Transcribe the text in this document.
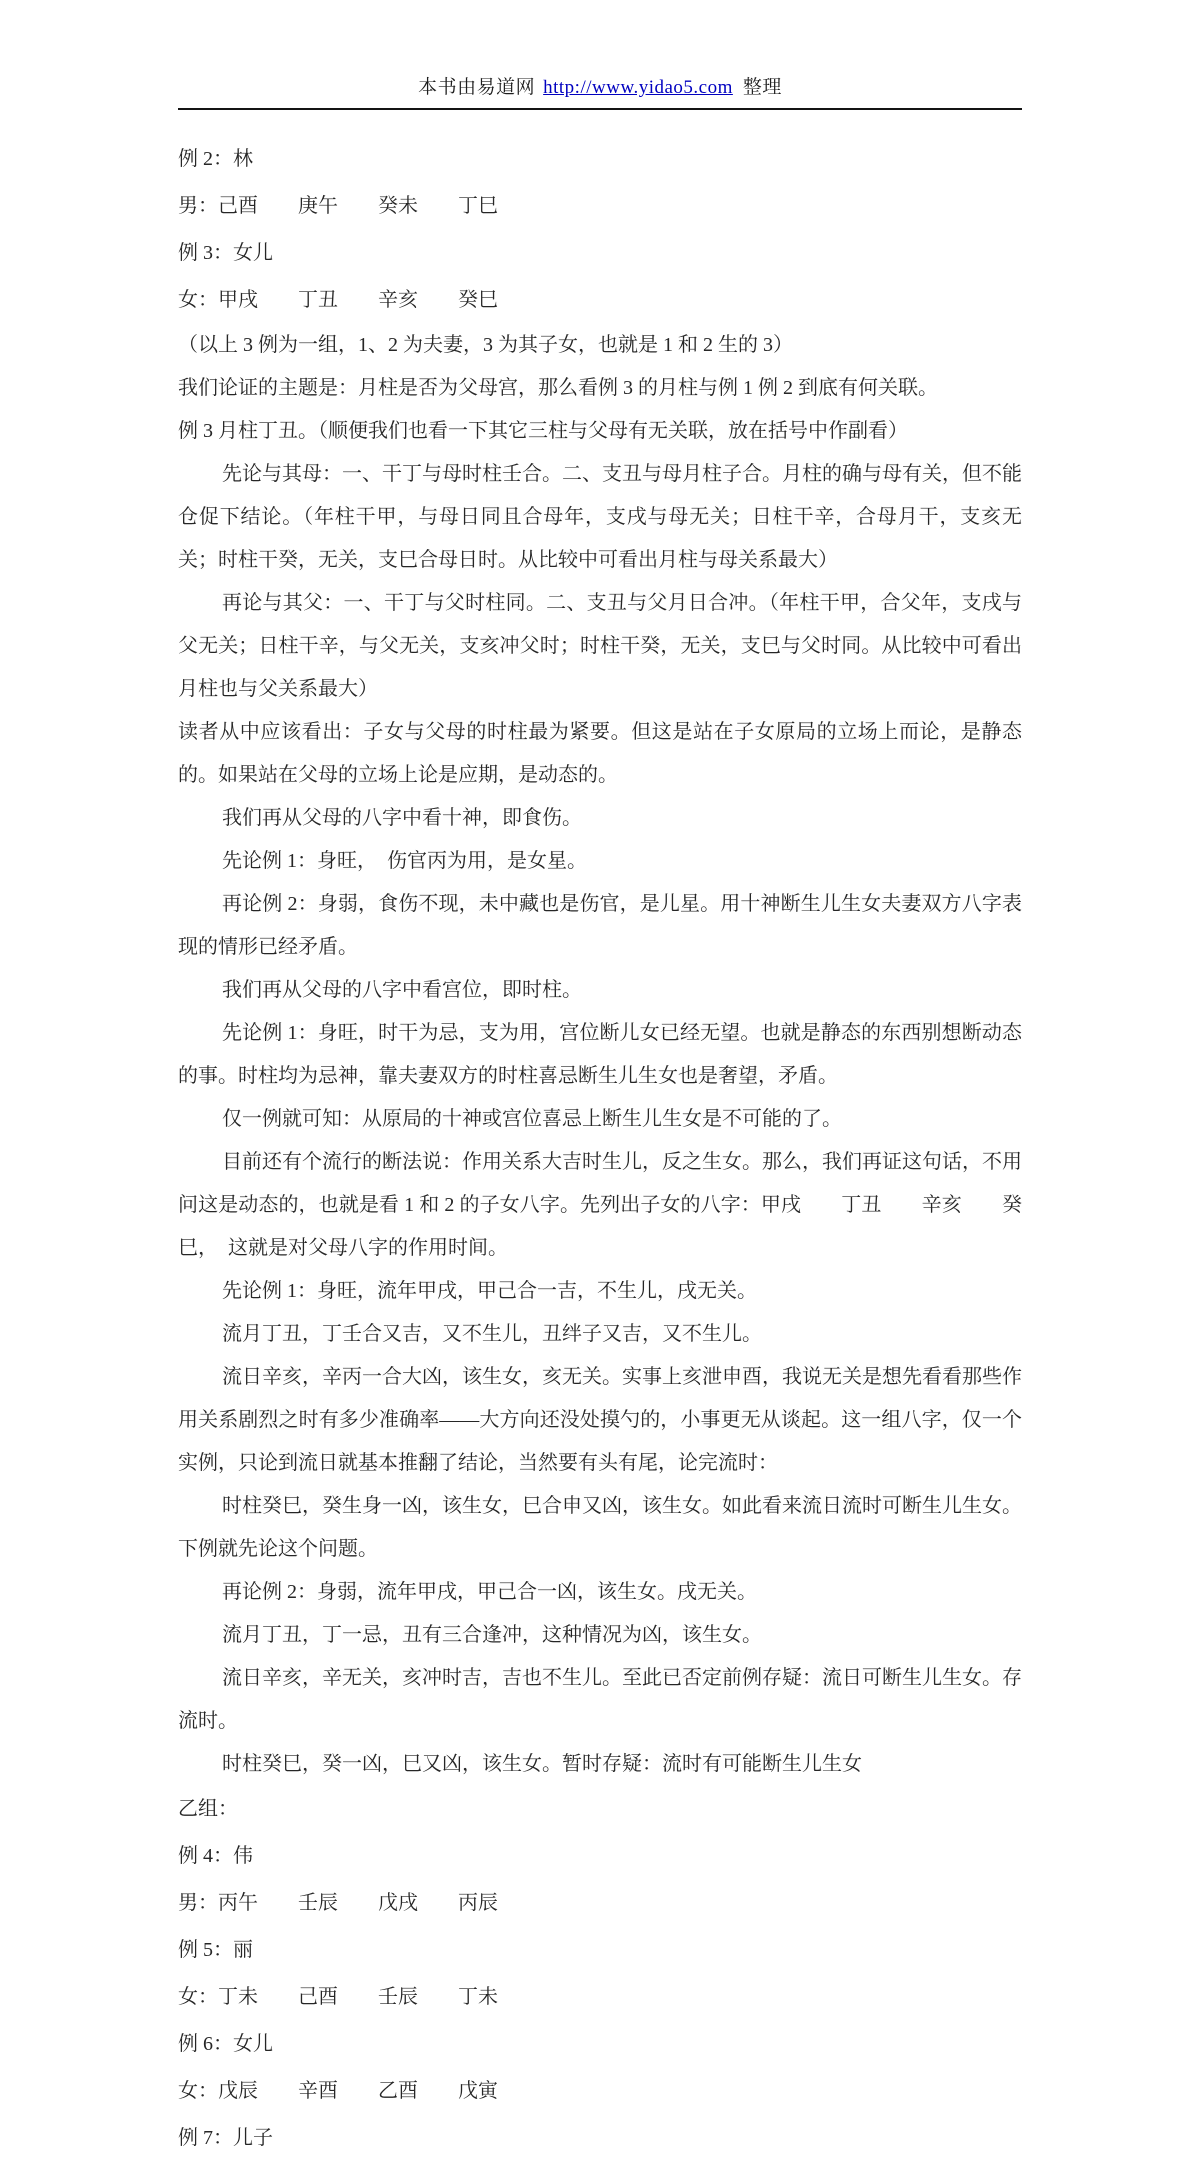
本书由易道网 http://www.yidao5.com 整理

例 2：林

男：己酉　　庚午　　癸未　　丁巳

例 3：女儿

女：甲戌　　丁丑　　辛亥　　癸巳

（以上 3 例为一组，1、2 为夫妻，3 为其子女，也就是 1 和 2 生的 3）

我们论证的主题是：月柱是否为父母宫，那么看例 3 的月柱与例 1 例 2 到底有何关联。

例 3 月柱丁丑。（顺便我们也看一下其它三柱与父母有无关联，放在括号中作副看）

先论与其母：一、干丁与母时柱壬合。二、支丑与母月柱子合。月柱的确与母有关，但不能仓促下结论。（年柱干甲，与母日同且合母年，支戌与母无关；日柱干辛，合母月干，支亥无关；时柱干癸，无关，支巳合母日时。从比较中可看出月柱与母关系最大）

再论与其父：一、干丁与父时柱同。二、支丑与父月日合冲。（年柱干甲，合父年，支戌与父无关；日柱干辛，与父无关，支亥冲父时；时柱干癸，无关，支巳与父时同。从比较中可看出月柱也与父关系最大）

读者从中应该看出：子女与父母的时柱最为紧要。但这是站在子女原局的立场上而论，是静态的。如果站在父母的立场上论是应期，是动态的。

我们再从父母的八字中看十神，即食伤。

先论例 1：身旺，　伤官丙为用，是女星。

再论例 2：身弱，食伤不现，未中藏也是伤官，是儿星。用十神断生儿生女夫妻双方八字表现的情形已经矛盾。

我们再从父母的八字中看宫位，即时柱。

先论例 1：身旺，时干为忌，支为用，宫位断儿女已经无望。也就是静态的东西别想断动态的事。时柱均为忌神，靠夫妻双方的时柱喜忌断生儿生女也是奢望，矛盾。

仅一例就可知：从原局的十神或宫位喜忌上断生儿生女是不可能的了。

目前还有个流行的断法说：作用关系大吉时生儿，反之生女。那么，我们再证这句话，不用问这是动态的，也就是看 1 和 2 的子女八字。先列出子女的八字：甲戌　　丁丑　　辛亥　　癸巳，　这就是对父母八字的作用时间。

先论例 1：身旺，流年甲戌，甲己合一吉，不生儿，戌无关。

流月丁丑，丁壬合又吉，又不生儿，丑绊子又吉，又不生儿。

流日辛亥，辛丙一合大凶，该生女，亥无关。实事上亥泄申酉，我说无关是想先看看那些作用关系剧烈之时有多少准确率——大方向还没处摸勺的，小事更无从谈起。这一组八字，仅一个实例，只论到流日就基本推翻了结论，当然要有头有尾，论完流时：

时柱癸巳，癸生身一凶，该生女，巳合申又凶，该生女。如此看来流日流时可断生儿生女。下例就先论这个问题。

再论例 2：身弱，流年甲戌，甲己合一凶，该生女。戌无关。

流月丁丑，丁一忌，丑有三合逢冲，这种情况为凶，该生女。

流日辛亥，辛无关，亥冲时吉，吉也不生儿。至此已否定前例存疑：流日可断生儿生女。存流时。

时柱癸巳，癸一凶，巳又凶，该生女。暂时存疑：流时有可能断生儿生女

乙组：

例 4：伟

男：丙午　　壬辰　　戊戌　　丙辰

例 5：丽

女：丁未　　己酉　　壬辰　　丁未

例 6：女儿

女：戊辰　　辛酉　　乙酉　　戊寅

例 7：儿子
